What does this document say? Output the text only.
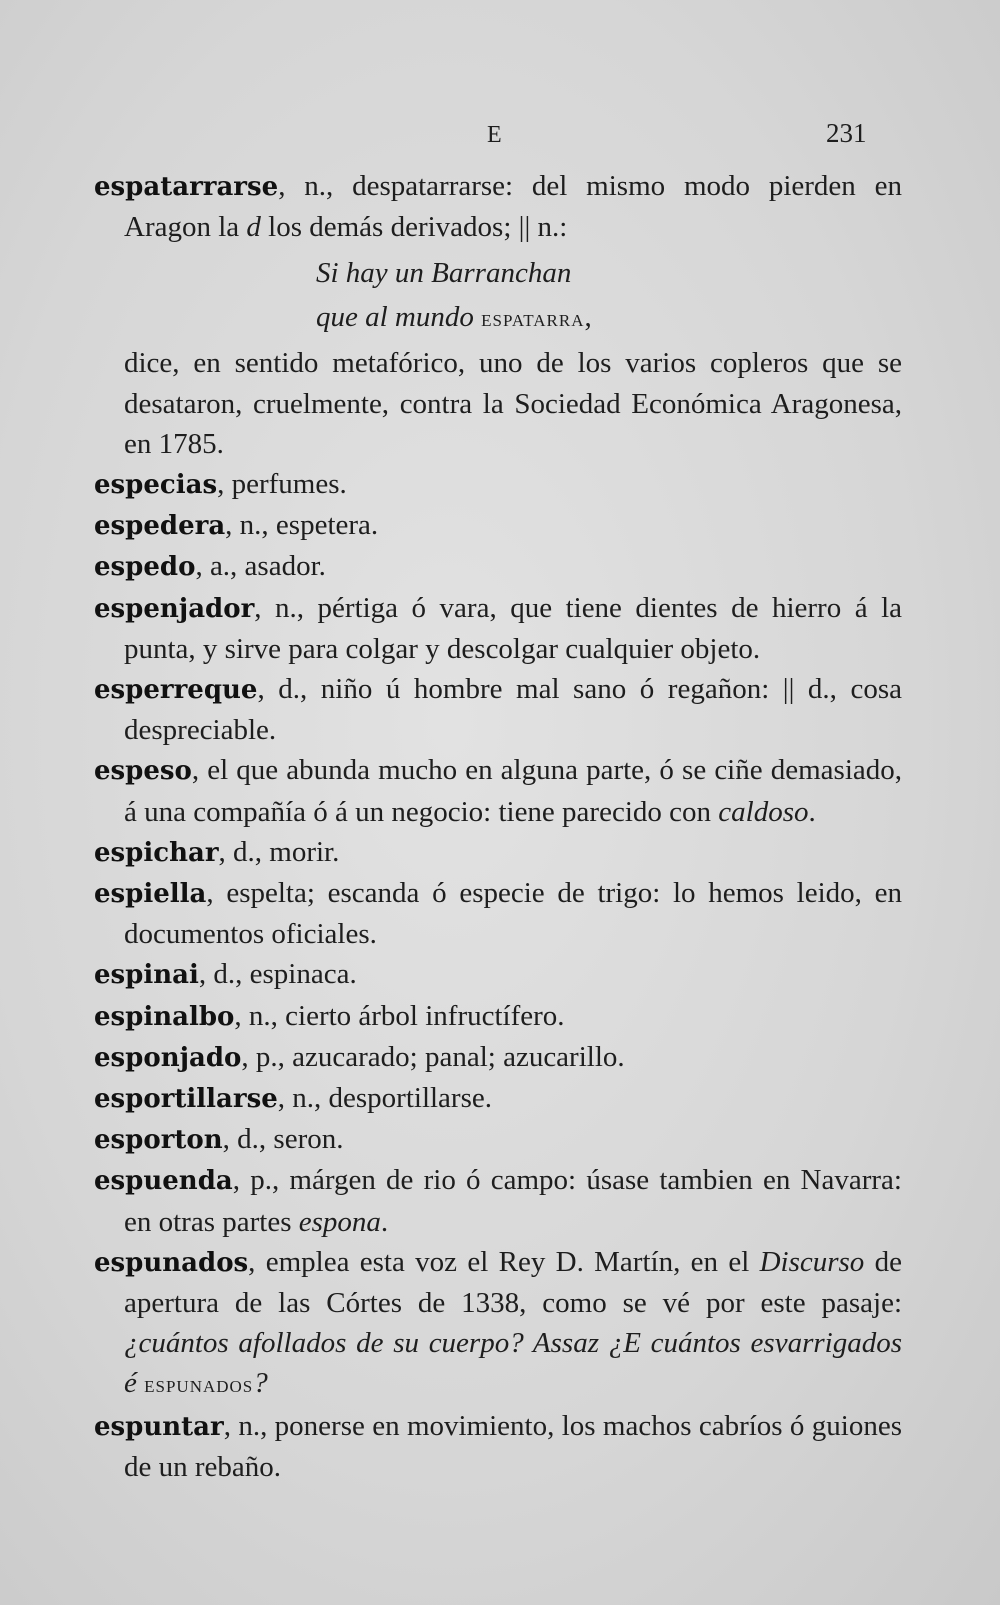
E	231

espatarrarse, n., despatarrarse: del mismo modo pierden en Aragon la d los demás derivados; || n.:

Si hay un Barranchan
que al mundo espatarra,

dice, en sentido metafórico, uno de los varios copleros que se desataron, cruelmente, contra la Sociedad Económica Aragonesa, en 1785.

especias, perfumes.

espedera, n., espetera.

espedo, a., asador.

espenjador, n., pértiga ó vara, que tiene dientes de hierro á la punta, y sirve para colgar y descolgar cualquier objeto.

esperreque, d., niño ú hombre mal sano ó regañon: || d., cosa despreciable.

espeso, el que abunda mucho en alguna parte, ó se ciñe demasiado, á una compañía ó á un negocio: tiene parecido con caldoso.

espichar, d., morir.

espiella, espelta; escanda ó especie de trigo: lo hemos leido, en documentos oficiales.

espinai, d., espinaca.

espinalbo, n., cierto árbol infructífero.

esponjado, p., azucarado; panal; azucarillo.

esportillarse, n., desportillarse.

esporton, d., seron.

espuenda, p., márgen de rio ó campo: úsase tambien en Navarra: en otras partes esponа.

espunados, emplea esta voz el Rey D. Martín, en el Discurso de apertura de las Córtes de 1338, como se vé por este pasaje: ¿cuántos afollados de su cuerpo? Assaz ¿E cuántos esvarrigados é espunados?

espuntar, n., ponerse en movimiento, los machos cabríos ó guiones de un rebaño.
